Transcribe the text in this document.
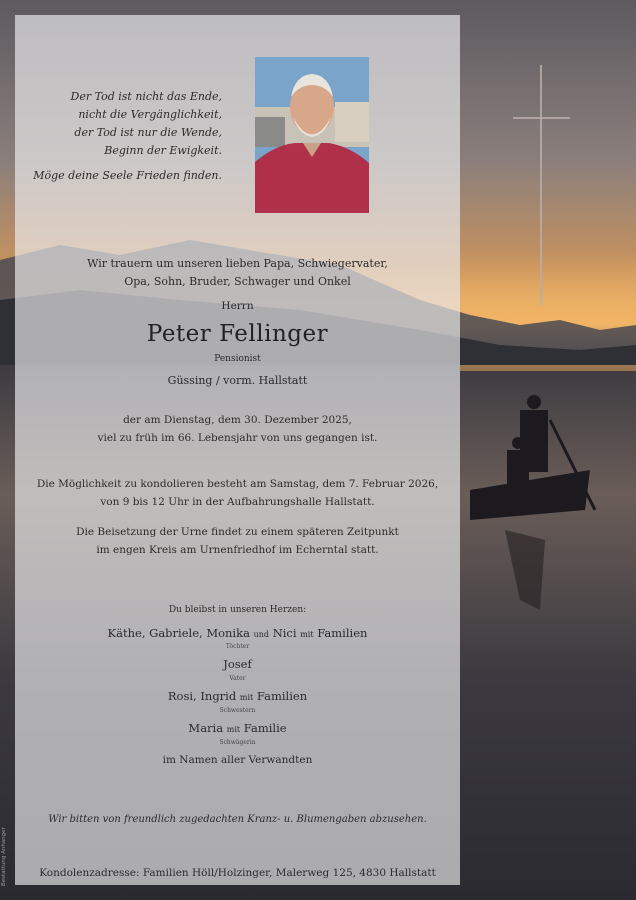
Der Tod ist nicht das Ende,
nicht die Vergänglichkeit,
der Tod ist nur die Wende,
Beginn der Ewigkeit.
Möge deine Seele Frieden finden.
Wir trauern um unseren lieben Papa, Schwiegervater,
Opa, Sohn, Bruder, Schwager und Onkel
Herrn
Peter Fellinger
Pensionist
Güssing / vorm. Hallstatt
der am Dienstag, dem 30. Dezember 2025,
viel zu früh im 66. Lebensjahr von uns gegangen ist.
Die Möglichkeit zu kondolieren besteht am Samstag, dem 7. Februar 2026,
von 9 bis 12 Uhr in der Aufbahrungshalle Hallstatt.
Die Beisetzung der Urne findet zu einem späteren Zeitpunkt
im engen Kreis am Urnenfriedhof im Echerntal statt.
Du bleibst in unseren Herzen:
Käthe, Gabriele, Monika und Nici mit Familien
Töchter
Josef
Vater
Rosi, Ingrid mit Familien
Schwestern
Maria mit Familie
Schwägerin
im Namen aller Verwandten
Wir bitten von freundlich zugedachten Kranz- u. Blumengaben abzusehen.
Kondolenzadresse: Familien Höll/Holzinger, Malerweg 125, 4830 Hallstatt
Bestattung Anhanger
